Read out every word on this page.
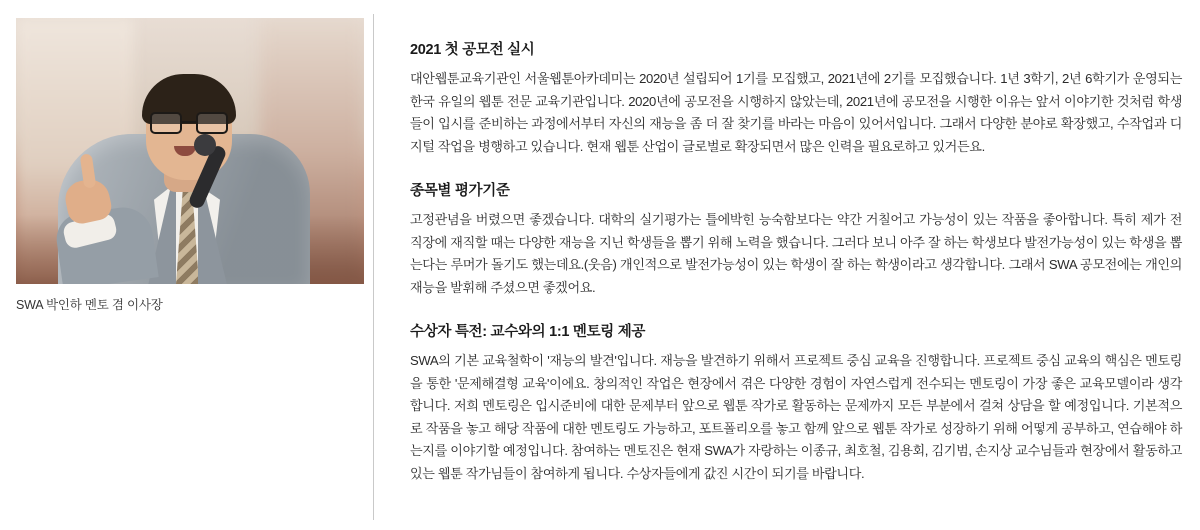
SWA 박인하 멘토 겸 이사장
2021 첫 공모전 실시

대안웹툰교육기관인 서울웹툰아카데미는 2020년 설립되어 1기를 모집했고, 2021년에 2기를 모집했습니다. 1년 3학기, 2년 6학기가 운영되는 한국 유일의 웹툰 전문 교육기관입니다. 2020년에 공모전을 시행하지 않았는데, 2021년에 공모전을 시행한 이유는 앞서 이야기한 것처럼 학생들이 입시를 준비하는 과정에서부터 자신의 재능을 좀 더 잘 찾기를 바라는 마음이 있어서입니다. 그래서 다양한 분야로 확장했고, 수작업과 디지털 작업을 병행하고 있습니다. 현재 웹툰 산업이 글로벌로 확장되면서 많은 인력을 필요로하고 있거든요.

종목별 평가기준

고정관념을 버렸으면 좋겠습니다. 대학의 실기평가는 틀에박힌 능숙함보다는 약간 거칠어고 가능성이 있는 작품을 좋아합니다. 특히 제가 전 직장에 재직할 때는 다양한 재능을 지닌 학생들을 뽑기 위해 노력을 했습니다. 그러다 보니 아주 잘 하는 학생보다 발전가능성이 있는 학생을 뽑는다는 루머가 돌기도 했는데요.(웃음) 개인적으로 발전가능성이 있는 학생이 잘 하는 학생이라고 생각합니다. 그래서 SWA 공모전에는 개인의 재능을 발휘해 주셨으면 좋겠어요.

수상자 특전: 교수와의 1:1 멘토링 제공

SWA의 기본 교육철학이 '재능의 발견'입니다. 재능을 발견하기 위해서 프로젝트 중심 교육을 진행합니다. 프로젝트 중심 교육의 핵심은 멘토링을 통한 '문제해결형 교육'이에요. 창의적인 작업은 현장에서 겪은 다양한 경험이 자연스럽게 전수되는 멘토링이 가장 좋은 교육모델이라 생각합니다. 저희 멘토링은 입시준비에 대한 문제부터 앞으로 웹툰 작가로 활동하는 문제까지 모든 부분에서 걸쳐 상담을 할 예정입니다. 기본적으로 작품을 놓고 해당 작품에 대한 멘토링도 가능하고, 포트폴리오를 놓고 함께 앞으로 웹툰 작가로 성장하기 위해 어떻게 공부하고, 연습해야 하는지를 이야기할 예정입니다. 참여하는 멘토진은 현재 SWA가 자랑하는 이종규, 최호철, 김용회, 김기범, 손지상 교수님들과 현장에서 활동하고 있는 웹툰 작가님들이 참여하게 됩니다. 수상자들에게 값진 시간이 되기를 바랍니다.
